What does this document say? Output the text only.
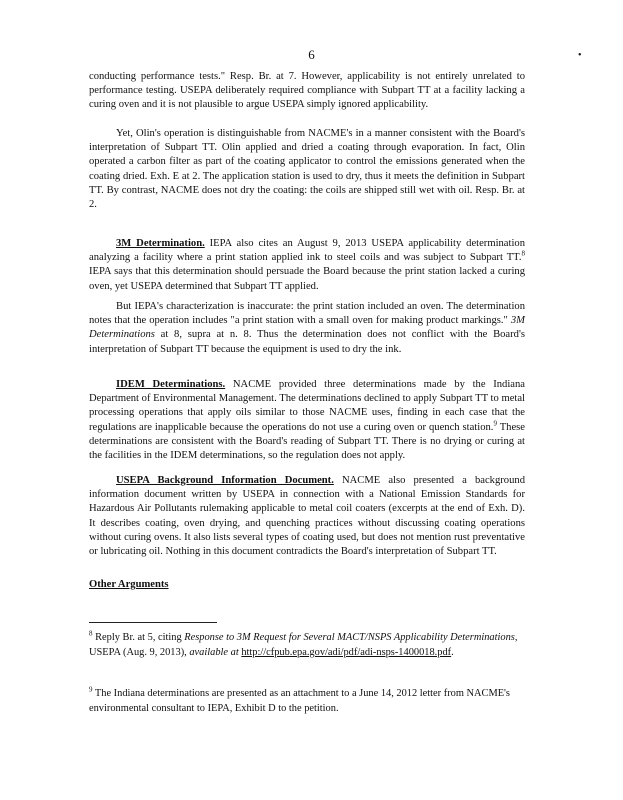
6	•

conducting performance tests." Resp. Br. at 7. However, applicability is not entirely unrelated to performance testing. USEPA deliberately required compliance with Subpart TT at a facility lacking a curing oven and it is not plausible to argue USEPA simply ignored applicability.

Yet, Olin's operation is distinguishable from NACME's in a manner consistent with the Board's interpretation of Subpart TT. Olin applied and dried a coating through evaporation. In fact, Olin operated a carbon filter as part of the coating applicator to control the emissions generated when the coating dried. Exh. E at 2. The application station is used to dry, thus it meets the definition in Subpart TT. By contrast, NACME does not dry the coating: the coils are shipped still wet with oil. Resp. Br. at 2.

3M Determination. IEPA also cites an August 9, 2013 USEPA applicability determination analyzing a facility where a print station applied ink to steel coils and was subject to Subpart TT.$^8$ IEPA says that this determination should persuade the Board because the print station lacked a curing oven, yet USEPA determined that Subpart TT applied.

But IEPA's characterization is inaccurate: the print station included an oven. The determination notes that the operation includes "a print station with a small oven for making product markings." 3M Determinations at 8, supra at n. 8. Thus the determination does not conflict with the Board's interpretation of Subpart TT because the equipment is used to dry the ink.

IDEM Determinations. NACME provided three determinations made by the Indiana Department of Environmental Management. The determinations declined to apply Subpart TT to metal processing operations that apply oils similar to those NACME uses, finding in each case that the regulations are inapplicable because the operations do not use a curing oven or quench station.$^9$ These determinations are consistent with the Board's reading of Subpart TT. There is no drying or curing at the facilities in the IDEM determinations, so the regulation does not apply.

USEPA Background Information Document. NACME also presented a background information document written by USEPA in connection with a National Emission Standards for Hazardous Air Pollutants rulemaking applicable to metal coil coaters (excerpts at the end of Exh. D). It describes coating, oven drying, and quenching practices without discussing coating operations without curing ovens. It also lists several types of coating used, but does not mention rust preventative or lubricating oil. Nothing in this document contradicts the Board's interpretation of Subpart TT.

Other Arguments

$^8$ Reply Br. at 5, citing Response to 3M Request for Several MACT/NSPS Applicability Determinations, USEPA (Aug. 9, 2013), available at http://cfpub.epa.gov/adi/pdf/adi-nsps-1400018.pdf.
$^9$ The Indiana determinations are presented as an attachment to a June 14, 2012 letter from NACME's environmental consultant to IEPA, Exhibit D to the petition.
